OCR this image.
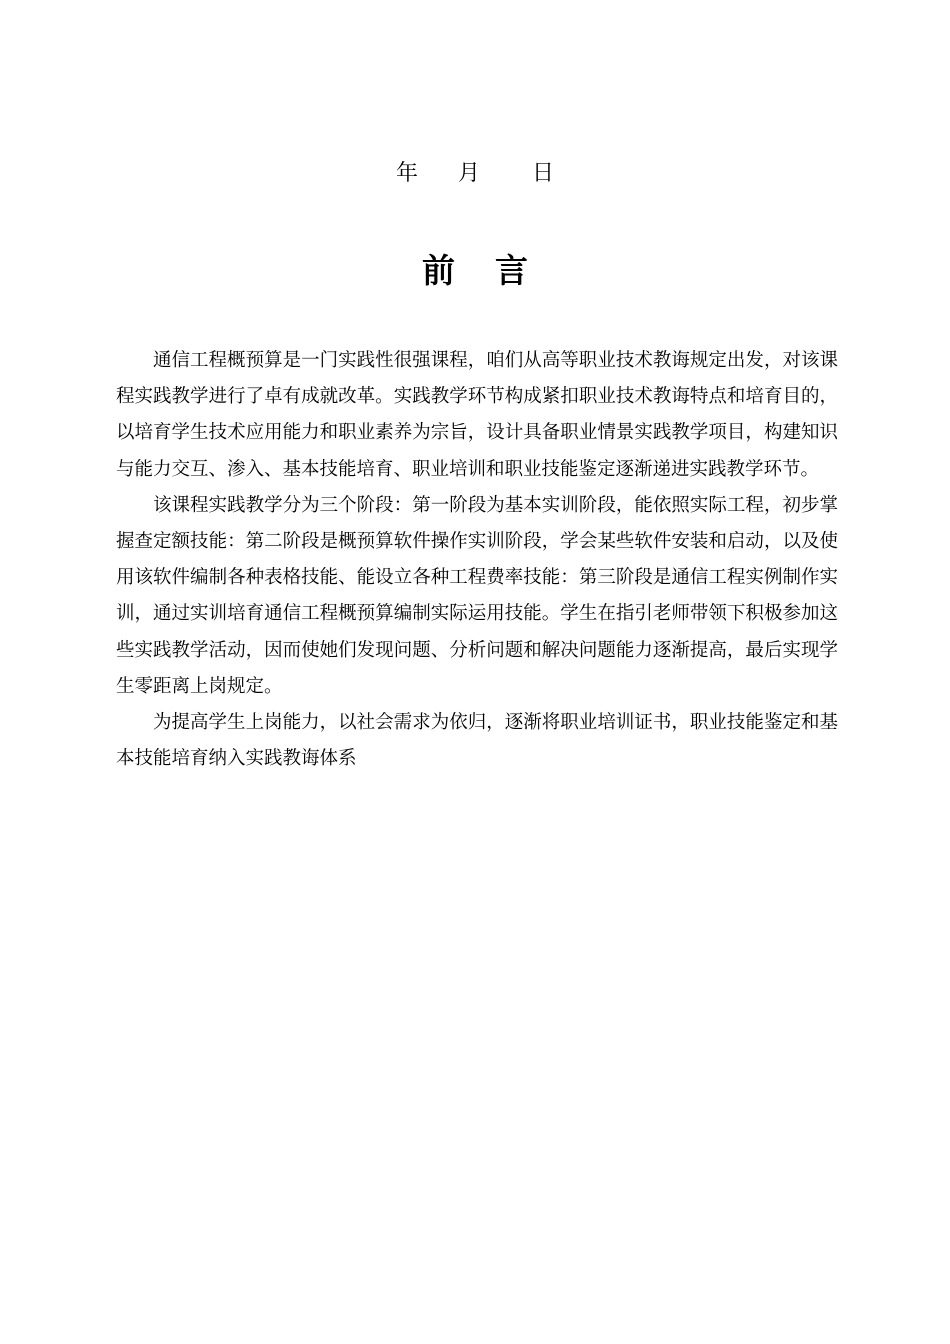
年 月 日
前言

通信工程概预算是一门实践性很强课程，咱们从高等职业技术教诲规定出发，对该课程实践教学进行了卓有成就改革。实践教学环节构成紧扣职业技术教诲特点和培育目的，以培育学生技术应用能力和职业素养为宗旨，设计具备职业情景实践教学项目，构建知识与能力交互、渗入、基本技能培育、职业培训和职业技能鉴定逐渐递进实践教学环节。

该课程实践教学分为三个阶段：第一阶段为基本实训阶段，能依照实际工程，初步掌握查定额技能：第二阶段是概预算软件操作实训阶段，学会某些软件安装和启动，以及使用该软件编制各种表格技能、能设立各种工程费率技能：第三阶段是通信工程实例制作实训，通过实训培育通信工程概预算编制实际运用技能。学生在指引老师带领下积极参加这些实践教学活动，因而使她们发现问题、分析问题和解决问题能力逐渐提高，最后实现学生零距离上岗规定。

为提高学生上岗能力，以社会需求为依归，逐渐将职业培训证书，职业技能鉴定和基本技能培育纳入实践教诲体系
